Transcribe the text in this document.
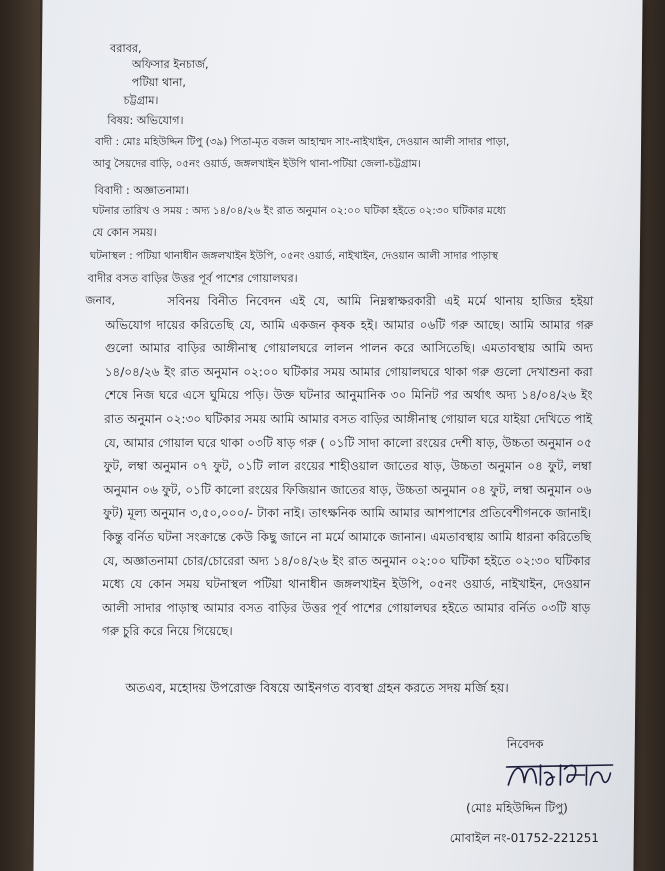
বরাবর,
অফিসার ইনচার্জ,
পটিয়া থানা,
চট্টগ্রাম।
বিষয়: অভিযোগ।
বাদী : মোঃ মহিউদ্দিন টিপু (৩৯) পিতা-মৃত বজল আহাম্মদ সাং-নাইখাইন, দেওয়ান আলী সাদার পাড়া,
আবু সৈয়দের বাড়ি, ০৫নং ওয়ার্ড, জঙ্গলখাইন ইউপি থানা-পটিয়া জেলা-চট্টগ্রাম।
বিবাদী : অজ্ঞাতনামা।
ঘটনার তারিখ ও সময় : অদ্য ১৪/০৪/২৬ ইং রাত অনুমান ০২:০০ ঘটিকা হইতে ০২:৩০ ঘটিকার মধ্যে
যে কোন সময়।
ঘটনাস্থল : পটিয়া থানাধীন জঙ্গলখাইন ইউপি, ০৫নং ওয়ার্ড, নাইখাইন, দেওয়ান আলী সাদার পাড়াস্থ
বাদীর বসত বাড়ির উত্তর পূর্ব পাশের গোয়ালঘর।
জনাব,	সবিনয় বিনীত নিবেদন এই যে, আমি নিম্নস্বাক্ষরকারী এই মর্মে থানায় হাজির হইয়া অভিযোগ দায়ের করিতেছি যে, আমি একজন কৃষক হই। আমার ০৬টি গরু আছে। আমি আমার গরু গুলো আমার বাড়ির আঙ্গীনাস্থ গোয়ালঘরে লালন পালন করে আসিতেছি। এমতাবস্থায় আমি অদ্য ১৪/০৪/২৬ ইং রাত অনুমান ০২:০০ ঘটিকার সময় আমার গোয়ালঘরে থাকা গরু গুলো দেখাশুনা করা শেষে নিজ ঘরে এসে ঘুমিয়ে পড়ি। উক্ত ঘটনার আনুমানিক ৩০ মিনিট পর অর্থাৎ অদ্য ১৪/০৪/২৬ ইং রাত অনুমান ০২:৩০ ঘটিকার সময় আমি আমার বসত বাড়ির আঙ্গীনাস্থ গোয়াল ঘরে যাইয়া দেখিতে পাই যে, আমার গোয়াল ঘরে থাকা ০৩টি ষাড় গরু ( ০১টি সাদা কালো রংয়ের দেশী ষাড়, উচ্চতা অনুমান ০৫ ফুট, লম্বা অনুমান ০৭ ফুট, ০১টি লাল রংয়ের শাহীওয়াল জাতের ষাড়, উচ্চতা অনুমান ০৪ ফুট, লম্বা অনুমান ০৬ ফুট, ০১টি কালো রংয়ের ফিজিয়ান জাতের ষাড়, উচ্চতা অনুমান ০৪ ফুট, লম্বা অনুমান ০৬ ফুট) মূল্য অনুমান ৩,৫০,০০০/- টাকা নাই। তাৎক্ষনিক আমি আমার আশপাশের প্রতিবেশীগনকে জানাই। কিন্তু বর্নিত ঘটনা সংক্রান্তে কেউ কিছু জানে না মর্মে আমাকে জানান। এমতাবস্থায় আমি ধারনা করিতেছি যে, অজ্ঞাতনামা চোর/চোরেরা অদ্য ১৪/০৪/২৬ ইং রাত অনুমান ০২:০০ ঘটিকা হইতে ০২:৩০ ঘটিকার মধ্যে যে কোন সময় ঘটনাস্থল পটিয়া থানাধীন জঙ্গলখাইন ইউপি, ০৫নং ওয়ার্ড, নাইখাইন, দেওয়ান আলী সাদার পাড়াস্থ আমার বসত বাড়ির উত্তর পূর্ব পাশের গোয়ালঘর হইতে আমার বর্নিত ০৩টি ষাড় গরু চুরি করে নিয়ে গিয়েছে।
অতএব, মহোদয় উপরোক্ত বিষয়ে আইনগত ব্যবস্থা গ্রহন করতে সদয় মর্জি হয়।
নিবেদক
(মোঃ মহিউদ্দিন টিপু)
মোবাইল নং-01752-221251
